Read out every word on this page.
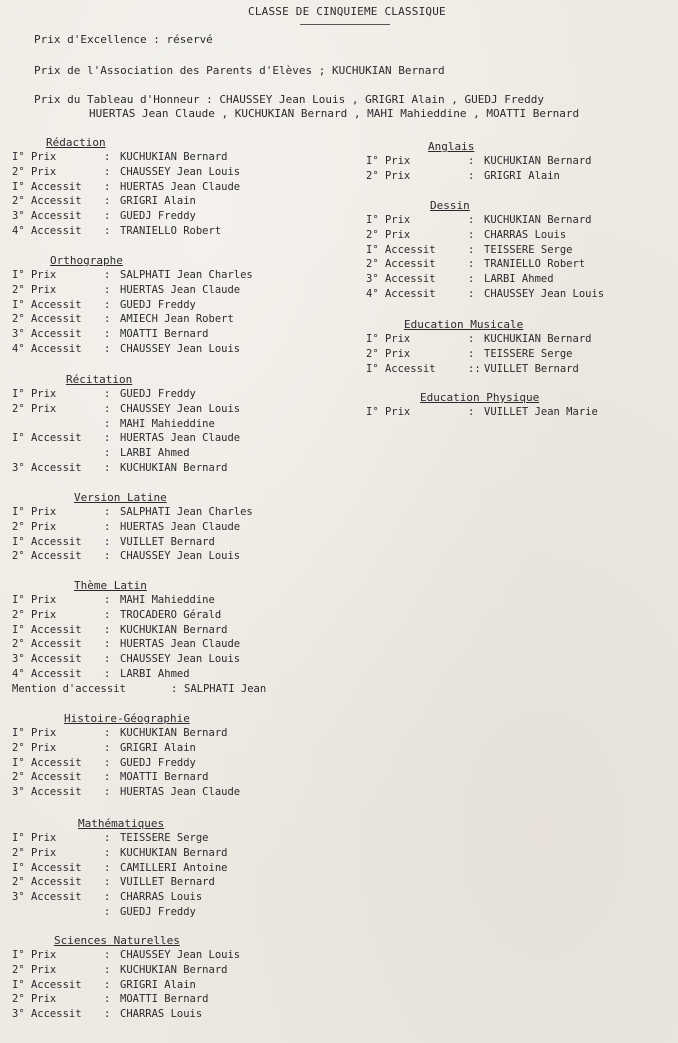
CLASSE DE CINQUIEME CLASSIQUE
Prix d'Excellence : réservé
Prix de l'Association des Parents d'Elèves ; KUCHUKIAN Bernard
Prix du Tableau d'Honneur : CHAUSSEY Jean Louis , GRIGRI Alain , GUEDJ Freddy
HUERTAS Jean Claude , KUCHUKIAN Bernard , MAHI Mahieddine , MOATTI Bernard
Rédaction
I° Prix	: KUCHUKIAN Bernard
2° Prix	: CHAUSSEY Jean Louis
I° Accessit : HUERTAS Jean Claude
2° Accessit : GRIGRI Alain
3° Accessit : GUEDJ Freddy
4° Accessit : TRANIELLO Robert
Orthographe
I° Prix	: SALPHATI Jean Charles
2° Prix	: HUERTAS Jean Claude
I° Accessit : GUEDJ Freddy
2° Accessit : AMIECH Jean Robert
3° Accessit : MOATTI Bernard
4° Accessit : CHAUSSEY Jean Louis
Récitation
I° Prix	: GUEDJ Freddy
2° Prix	: CHAUSSEY Jean Louis
: MAHI Mahieddine
I° Accessit : HUERTAS Jean Claude
: LARBI Ahmed
3° Accessit : KUCHUKIAN Bernard
Version Latine
I° Prix	: SALPHATI Jean Charles
2° Prix	: HUERTAS Jean Claude
I° Accessit : VUILLET Bernard
2° Accessit : CHAUSSEY Jean Louis
Thème Latin
I° Prix	: MAHI Mahieddine
2° Prix	: TROCADERO Gérald
I° Accessit : KUCHUKIAN Bernard
2° Accessit : HUERTAS Jean Claude
3° Accessit : CHAUSSEY Jean Louis
4° Accessit : LARBI Ahmed
Mention d'accessit	: SALPHATI Jean
Histoire-Géographie
I° Prix	: KUCHUKIAN Bernard
2° Prix	: GRIGRI Alain
I° Accessit : GUEDJ Freddy
2° Accessit : MOATTI Bernard
3° Accessit : HUERTAS Jean Claude
Mathématiques
I° Prix	: TEISSERE Serge
2° Prix	: KUCHUKIAN Bernard
I° Accessit : CAMILLERI Antoine
2° Accessit : VUILLET Bernard
3° Accessit : CHARRAS Louis
: GUEDJ Freddy
Sciences Naturelles
I° Prix	: CHAUSSEY Jean Louis
2° Prix	: KUCHUKIAN Bernard
I° Accessit : GRIGRI Alain
2° Prix	: MOATTI Bernard
3° Accessit : CHARRAS Louis
Anglais
I° Prix	: KUCHUKIAN Bernard
2° Prix	: GRIGRI Alain
Dessin
I° Prix	: KUCHUKIAN Bernard
2° Prix	: CHARRAS Louis
I° Accessit	: TEISSERE Serge
2° Accessit	: TRANIELLO Robert
3° Accessit	: LARBI Ahmed
4° Accessit	: CHAUSSEY Jean Louis
Education Musicale
I° Prix	: KUCHUKIAN Bernard
2° Prix	: TEISSERE Serge
I° Accessit	:: VUILLET Bernard
Education Physique
I° Prix	: VUILLET Jean Marie
